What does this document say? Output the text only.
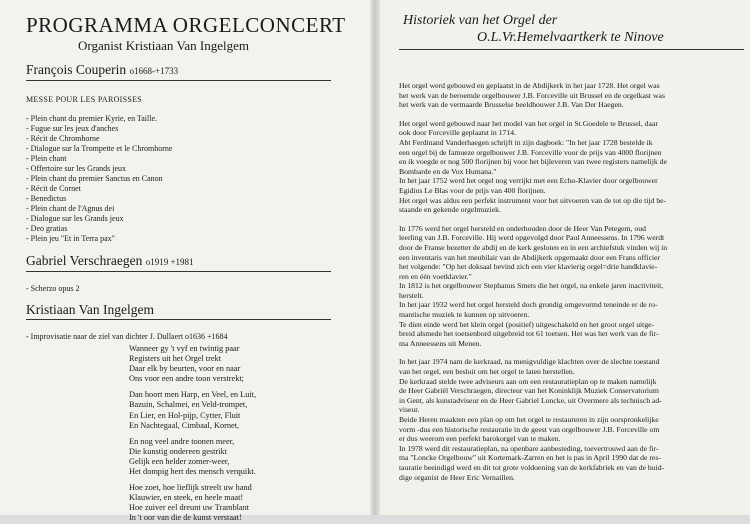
PROGRAMMA ORGELCONCERT
Organist Kristiaan Van Ingelgem
François Couperin o1668-+1733
MESSE POUR LES PAROISSES
- Plein chant du premier Kyrie, en Taille.
- Fugue sur les jeux d'anches
- Récit de Chromhorne
- Dialogue sur la Trompette et le Chromhorne
- Plein chant
- Offertoire sur les Grands jeux
- Plein chant du premier Sanctus en Canon
- Récit de Cornet
- Benedictus
- Plein chant de l'Agnus dei
- Dialogue sur les Grands jeux
- Deo gratias
- Plein jeu "Et in Terra pax"
Gabriel Verschraegen o1919 +1981
- Scherzo opus 2
Kristiaan Van Ingelgem
- Improvisatie naar de ziel van dichter J. Dullaert o1636 +1684
Wanneer gy 't vyf en twintig paar
Registers uit het Orgel trekt
Daar elk by beurten, voor en naar
Ons voor een andre toon verstrekt;
Dan hoort men Harp, en Veel, en Luit,
Bazuin, Schalmei, en Veld-trompet,
En Lier, en Hol-pijp, Cytter, Fluit
En Nachtegaal, Cimbaal, Kornet,
En nog veel andre toonen meer,
Die kunstig ondereen gestrikt
Gelijk een helder zomer-weer,
Het dompig hert des mensch verquikt.
Hoe zoet, hoe lieflijk streelt uw hand
Klauwier, en steek, en heele maat!
Hoe zuiver eel dreunt uw Tramblant
In 't oor van die de kunst verstaat!
Historiek van het Orgel der
O.L.Vr.Hemelvaartkerk te Ninove
Het orgel werd gebouwd en geplaatst in de Abdijkerk in het jaar 1728. Het orgel was
het werk van de beroemde orgelbouwer J.B. Forceville uit Brussel en de orgelkast was
het werk van de vermaarde Brusselse beeldhouwer J.B. Van Der Haegen.
Het orgel werd gebouwd naar het model van het orgel in St.Goedele te Brussel, daar
ook door Forceville geplaatst in 1714.
Abt Ferdinand Vanderhaegen schrijft in zijn dagboek: "In het jaar 1728 bestelde ik
een orgel bij de famueze orgelbouwer J.B. Forceville voor de prijs van 4000 florijnen
en ik voegde er nog 500 florijnen bij voor het bijleveren van twee registers namelijk de
Bombarde en de Vox Humana."
In het jaar 1752 werd het orgel nog verrijkt met een Echo-Klavier door orgelbouwer
Egidius Le Blas voor de prijs van 400 florijnen.
Het orgel was aldus een perfekt instrument voor het uitvoeren van de tot op die tijd be-
staande en gekende orgelmuziek.
In 1776 werd het orgel hersteld en onderhouden door de Heer Van Petegem, oud
leerling van J.B. Forceville. Hij werd opgevolgd door Paul Anneessens. In 1796 werdt
door de Franse bezetter de abdij en de kerk gesloten en in een archiefstuk vinden wij in
een inventaris van het meubilair van de Abdijkerk opgemaakt door een Frans officier
het volgende: "Op het doksaal bevind zich een vier klavierig orgel=drie handklavie-
ren en één voetklavier."
In 1812 is het orgelbouwer Stephanus Smets die het orgel, na enkele jaren inactiviteit,
herstelt.
In het jaar 1932 werd het orgel hersteld doch grondig omgevormd teneinde er de ro-
mantische muziek te kunnen op uitvoeren.
Te dien einde werd het klein orgel (positief) uitgeschakeld en het groot orgel uitge-
breid alsmede het toetsenbord uitgebreid tot 61 toetsen. Het was het werk van de fir-
ma Anneessens uit Menen.
In het jaar 1974 nam de kerkraad, na menigvuldige klachten over de slechte toestand
van het orgel, een besluit om het orgel te laten herstellen.
De kerkraad stelde twee adviseurs aan om een restauratieplan op te maken namelijk
de Heer Gabriël Verschraegen, directeur van het Koninklijk Muziek Conservatorium
in Gent, als kunstadviseur en de Heer Gabriel Loncke, uit Overmere als technisch ad-
viseur.
Beide Heren maakten een plan op om het orgel te restaureren in zijn oorspronkelijke
vorm -dus een historische restauratie in de geest van orgelbouwer J.B. Forceville om
er dus weerom een perfekt barokorgel van te maken.
In 1978 werd dit restauratieplan, na openbare aanbesteding, toevertrouwd aan de fir-
ma "Loncke Orgelbouw" uit Kortemark-Zarren en het is pas in April 1990 dat de res-
tauratie beeindigd werd en dit tot grote voldoening van de kerkfabriek en van de huid-
dige organist de Heer Eric Vernaillen.
